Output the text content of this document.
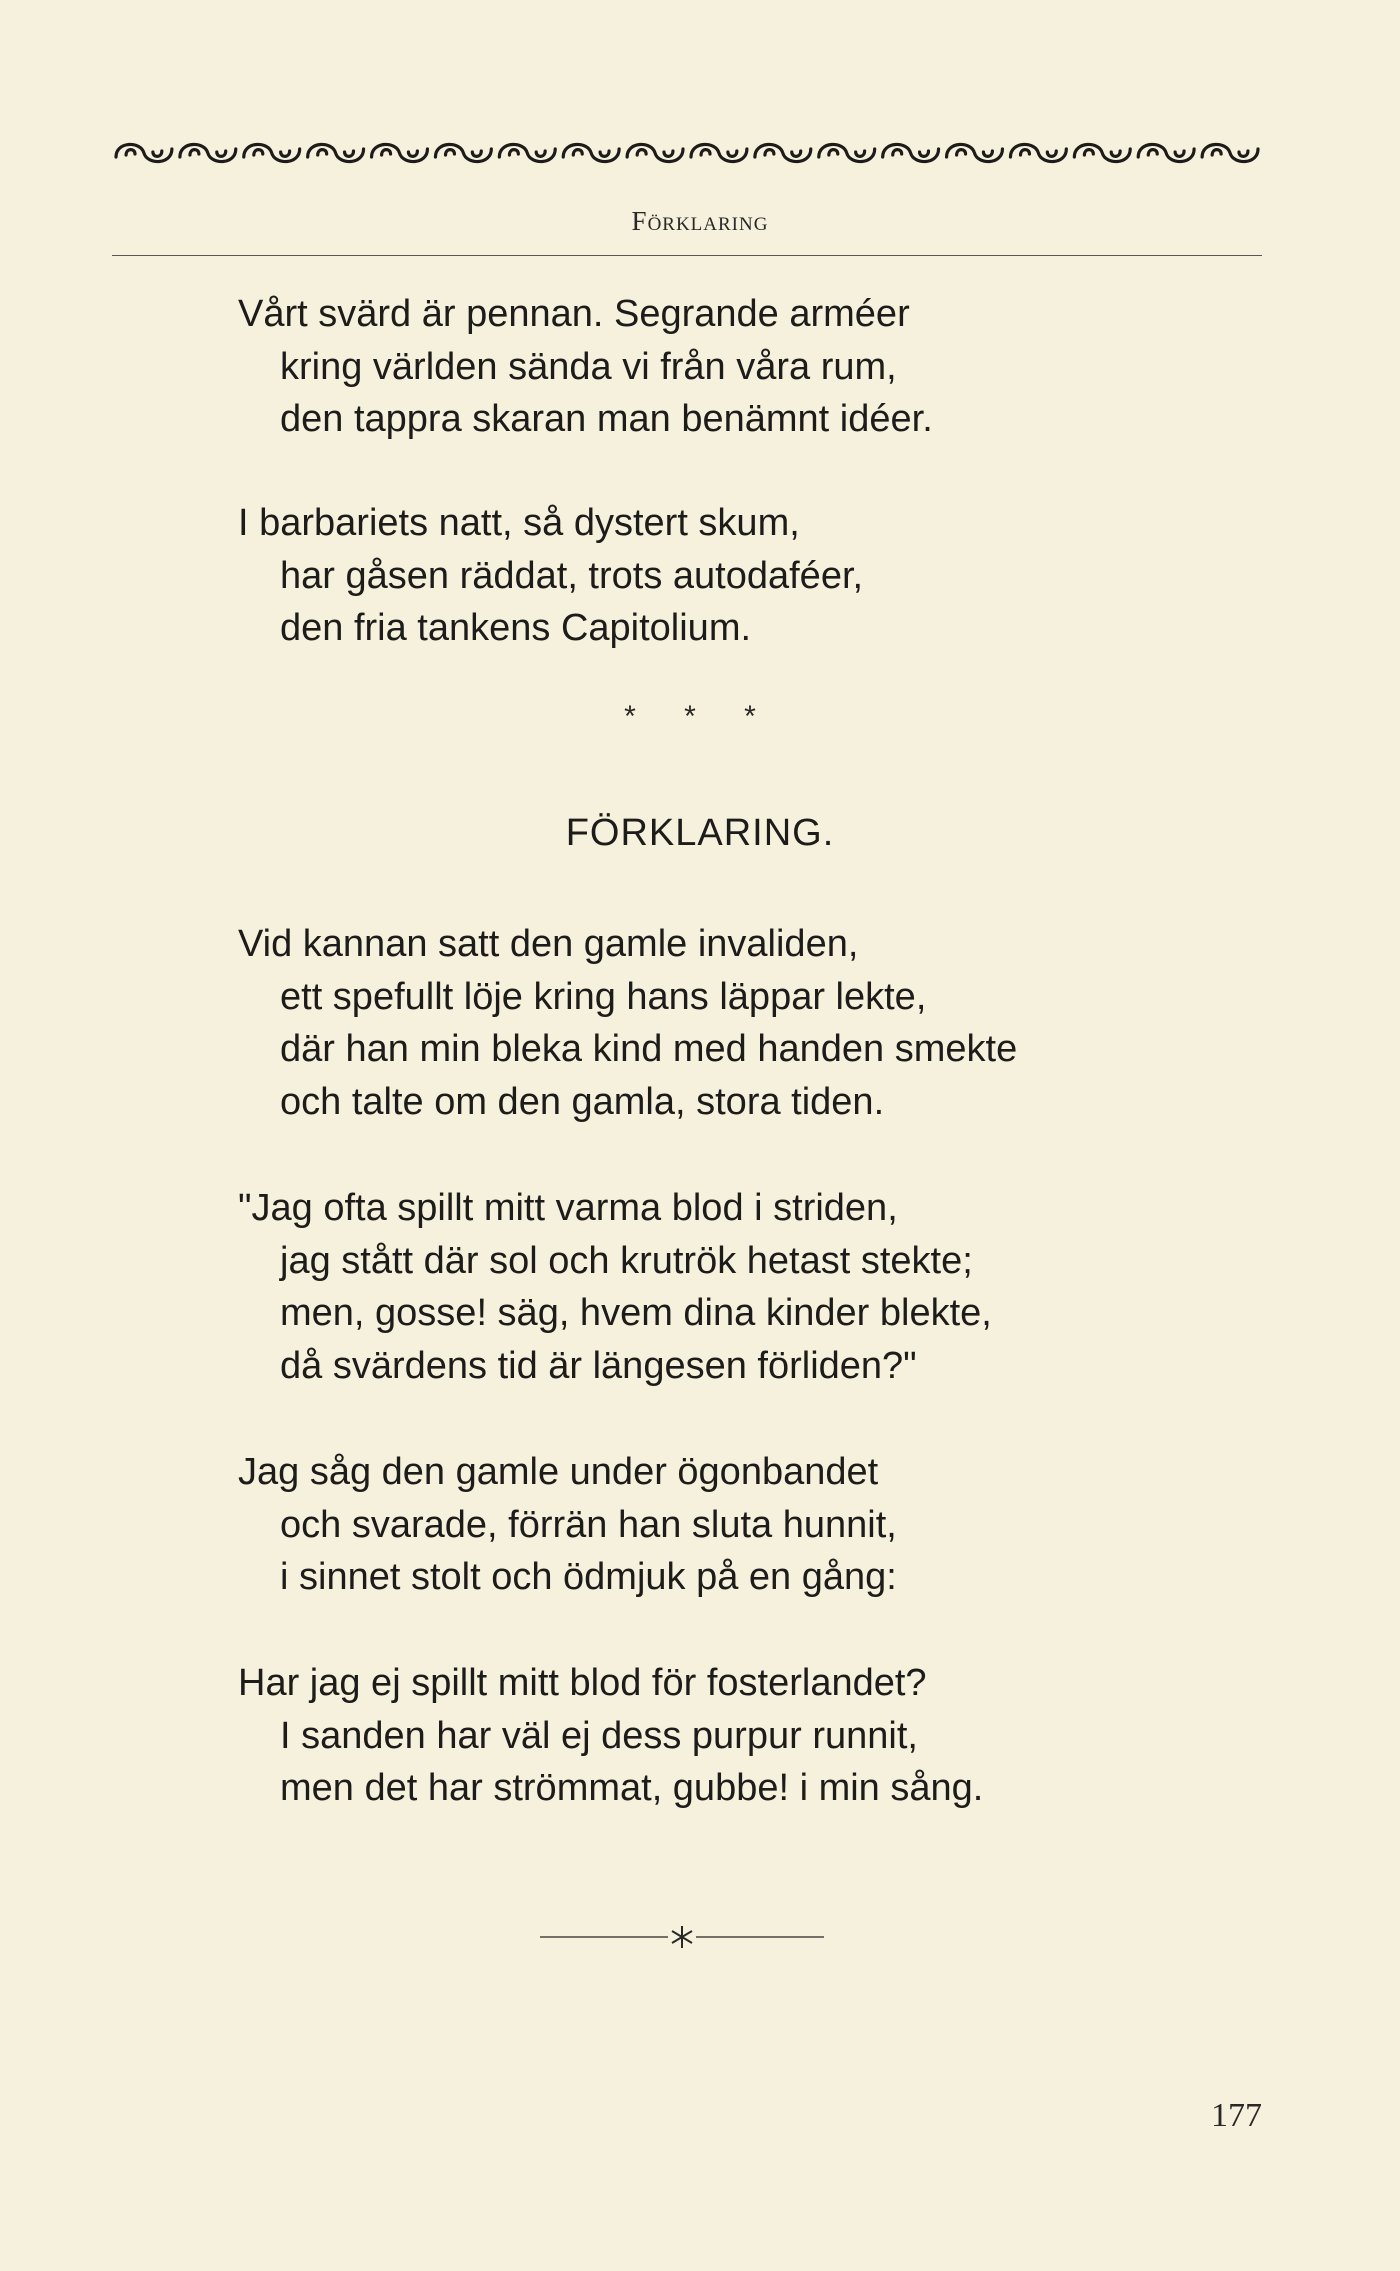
Förklaring
Vårt svärd är pennan. Segrande arméer
kring världen sända vi från våra rum,
den tappra skaran man benämnt idéer.
I barbariets natt, så dystert skum,
har gåsen räddat, trots autodaféer,
den fria tankens Capitolium.
* * *
FÖRKLARING.
Vid kannan satt den gamle invaliden,
ett spefullt löje kring hans läppar lekte,
där han min bleka kind med handen smekte
och talte om den gamla, stora tiden.
"Jag ofta spillt mitt varma blod i striden,
jag stått där sol och krutrök hetast stekte;
men, gosse! säg, hvem dina kinder blekte,
då svärdens tid är längesen förliden?"
Jag såg den gamle under ögonbandet
och svarade, förrän han sluta hunnit,
i sinnet stolt och ödmjuk på en gång:
Har jag ej spillt mitt blod för fosterlandet?
I sanden har väl ej dess purpur runnit,
men det har strömmat, gubbe! i min sång.
177
